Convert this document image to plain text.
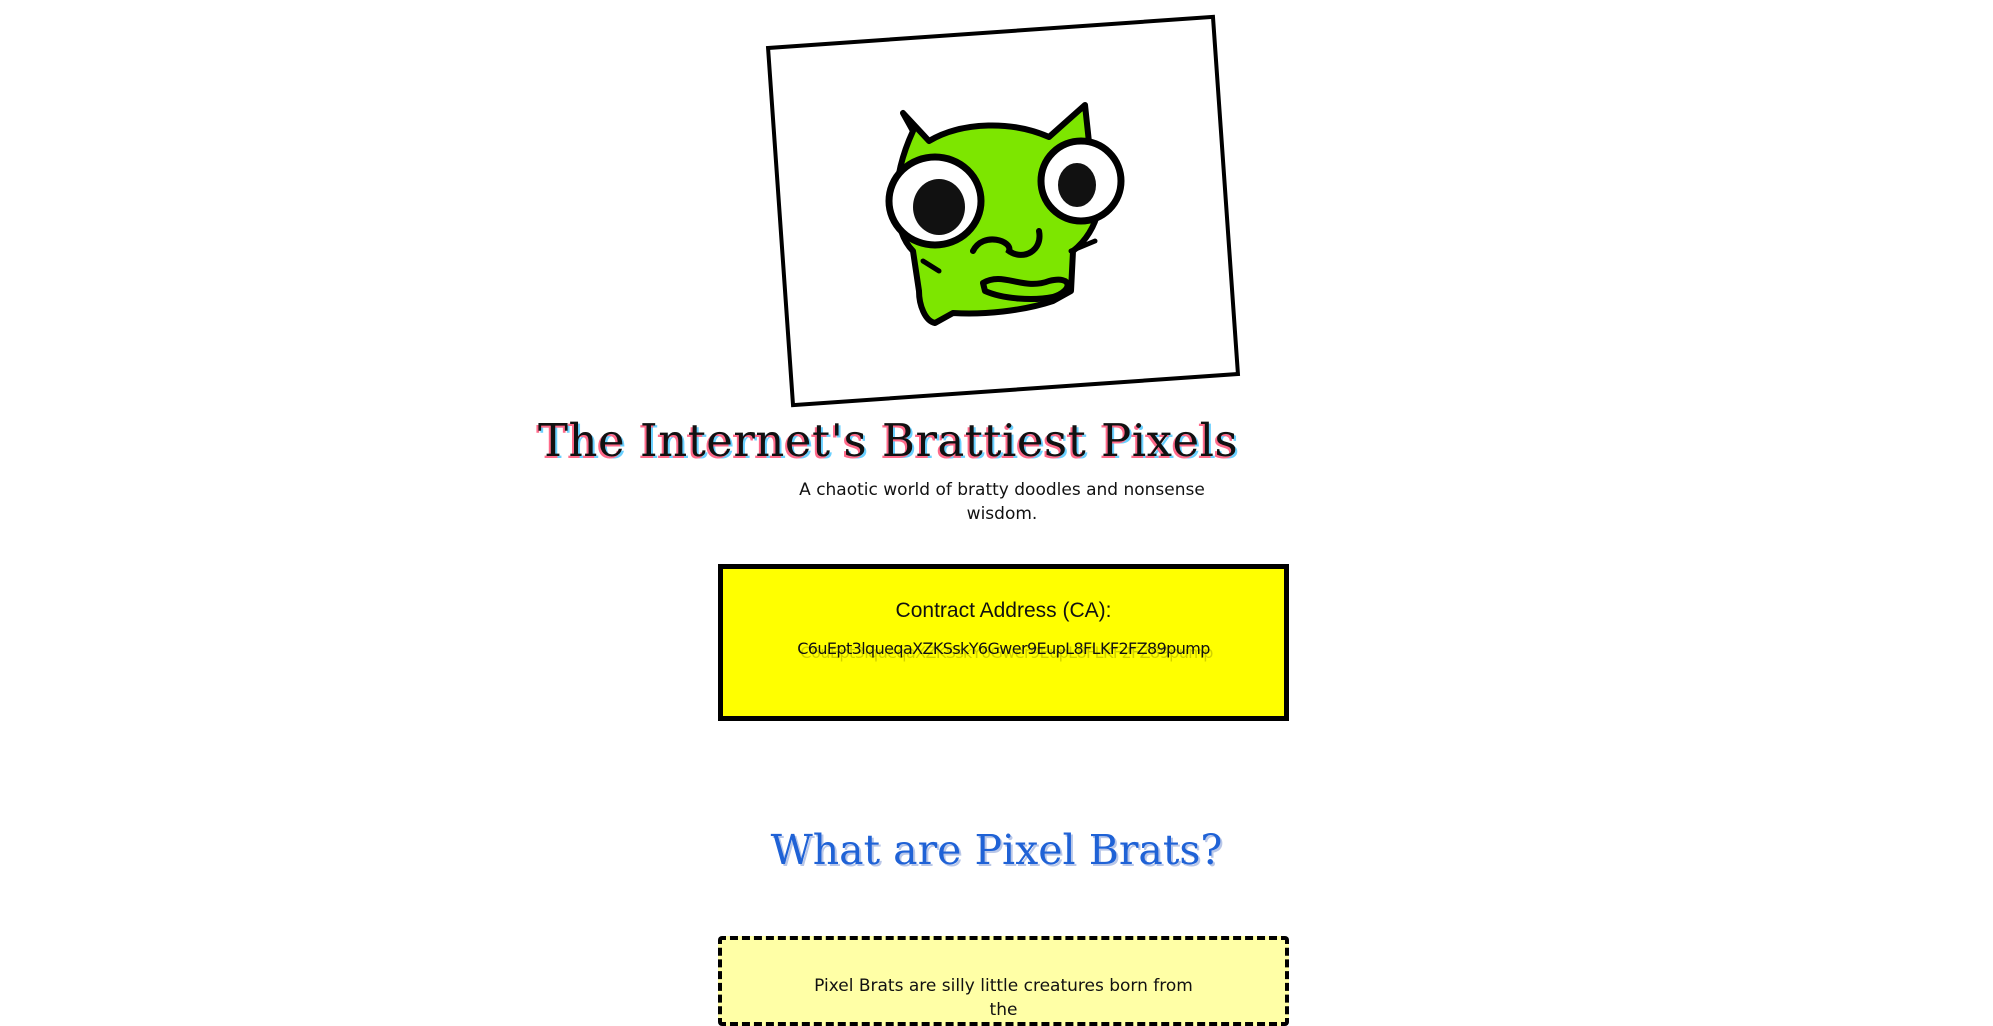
The Internet's Brattiest Pixels

A chaotic world of bratty doodles and nonsense wisdom.

Contract Address (CA):
C6uEpt3lqueqaXZKSskY6Gwer9EupL8FLKF2FZ89pump
What are Pixel Brats?
Pixel Brats are silly little creatures born from the
